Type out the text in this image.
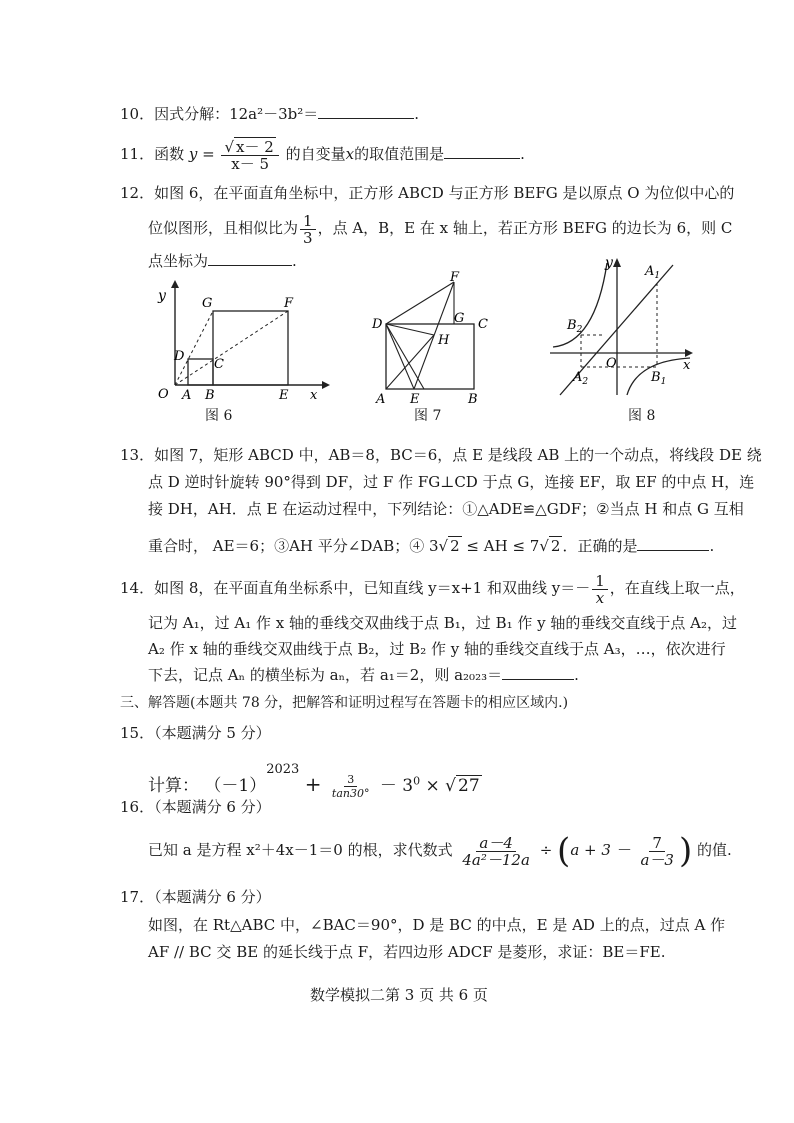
10．因式分解：12a²－3b²＝	.
11．函数 $y = \frac{√ x- 2}{x- 5}$ 的自变量x的取值范围是	.
12．如图 6，在平面直角坐标中，正方形 ABCD 与正方形 BEFG 是以原点 O 为位似中心的
位似图形，且相似比为 $\frac{1}{3}$ ，点 A，B，E 在 x 轴上，若正方形 BEFG 的边长为 6，则 C
点坐标为	.
y	G	F
D
C
O A B	E x
图 6
F
D	G C
H
A E	B
图 7
y
$A_1$
$B_2$
O
$A_2$	$B_1$
x
图 8
13．如图 7，矩形 ABCD 中，AB＝8，BC＝6，点 E 是线段 AB 上的一个动点，将线段 DE 绕
点 D 逆时针旋转 90°得到 DF，过 F 作 FG⊥CD 于点 G，连接 EF，取 EF 的中点 H，连
接 DH，AH．点 E 在运动过程中，下列结论：①△ADE≌△GDF；②当点 H 和点 G 互相
重合时， AE＝6；③AH 平分∠DAB；④ 3√ 2 ≤ AH ≤ 7√ 2 ．正确的是	.
14．如图 8，在平面直角坐标系中，已知直线 y＝x+1 和双曲线 $y=- \frac{1}{x}$ ，在直线上取一点，
记为 A₁，过 A₁ 作 x 轴的垂线交双曲线于点 B₁，过 B₁ 作 y 轴的垂线交直线于点 A₂，过
A₂ 作 x 轴的垂线交双曲线于点 B₂，过 B₂ 作 y 轴的垂线交直线于点 A₃，…，依次进行
下去，记点 Aₙ 的横坐标为 aₙ，若 a₁＝2，则 a₂₀₂₃＝	.
三、解答题(本题共 78 分，把解答和证明过程写在答题卡的相应区域内.)
15．（本题满分 5 分）
计算： $(-1)^{2023} + \frac{3}{\tan 30^\circ} - 3^0$ × √ 27
16．（本题满分 6 分）
已知 a 是方程 x²＋4x－1＝0 的根，求代数式 $\frac{a-4}{\text{4a²－12a}} \div (a + 3 - \frac{7}{a-3}$ ) 的值.
17．（本题满分 6 分）
如图，在 Rt△ABC 中，∠BAC＝90°，D 是 BC 的中点，E 是 AD 上的点，过点 A 作
AF // BC 交 BE 的延长线于点 F，若四边形 ADCF 是菱形，求证：BE＝FE.
数学模拟二第 3 页 共 6 页
